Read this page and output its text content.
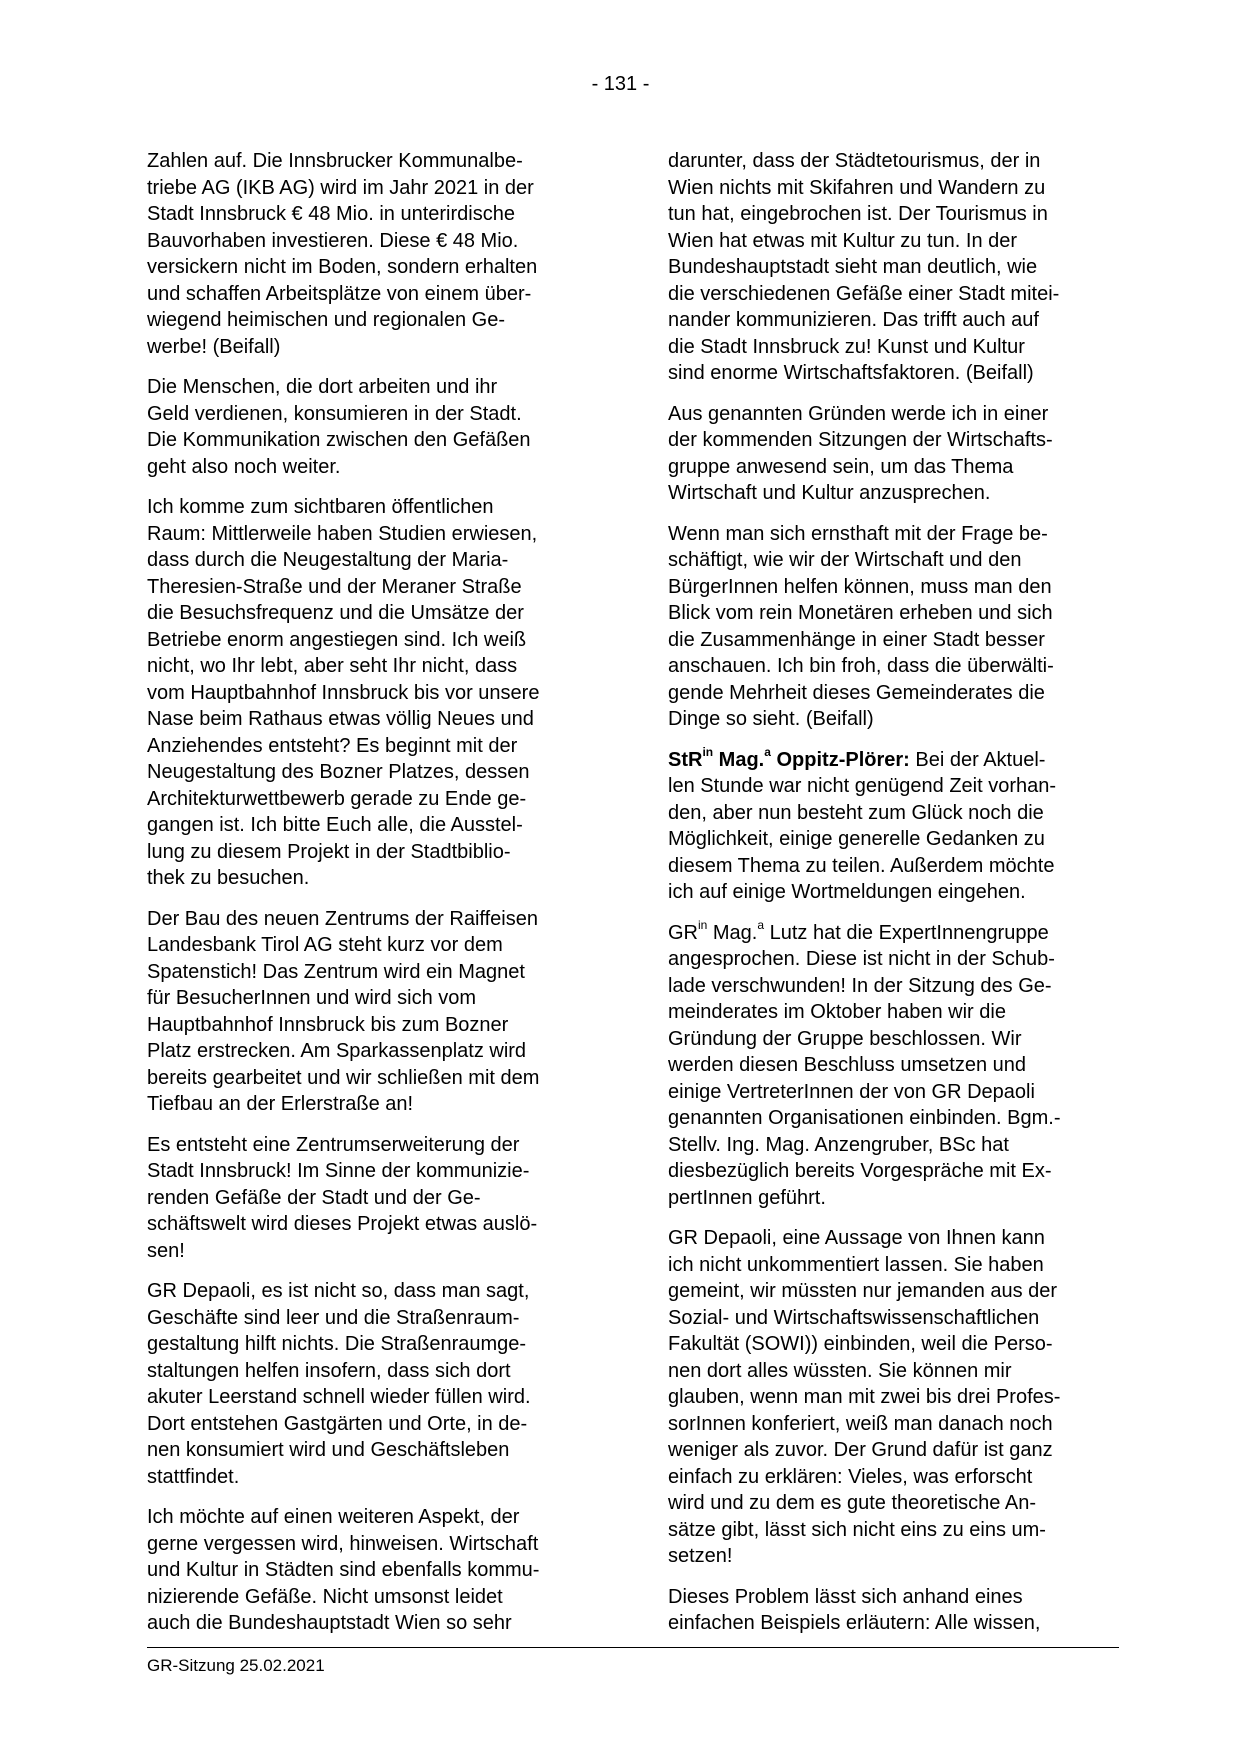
- 131 -

Zahlen auf. Die Innsbrucker Kommunalbe-
triebe AG (IKB AG) wird im Jahr 2021 in der
Stadt Innsbruck € 48 Mio. in unterirdische
Bauvorhaben investieren. Diese € 48 Mio.
versickern nicht im Boden, sondern erhalten
und schaffen Arbeitsplätze von einem über-
wiegend heimischen und regionalen Ge-
werbe! (Beifall)

Die Menschen, die dort arbeiten und ihr
Geld verdienen, konsumieren in der Stadt.
Die Kommunikation zwischen den Gefäßen
geht also noch weiter.

Ich komme zum sichtbaren öffentlichen
Raum: Mittlerweile haben Studien erwiesen,
dass durch die Neugestaltung der Maria-
Theresien-Straße und der Meraner Straße
die Besuchsfrequenz und die Umsätze der
Betriebe enorm angestiegen sind. Ich weiß
nicht, wo Ihr lebt, aber seht Ihr nicht, dass
vom Hauptbahnhof Innsbruck bis vor unsere
Nase beim Rathaus etwas völlig Neues und
Anziehendes entsteht? Es beginnt mit der
Neugestaltung des Bozner Platzes, dessen
Architekturwettbewerb gerade zu Ende ge-
gangen ist. Ich bitte Euch alle, die Ausstel-
lung zu diesem Projekt in der Stadtbiblio-
thek zu besuchen.

Der Bau des neuen Zentrums der Raiffeisen
Landesbank Tirol AG steht kurz vor dem
Spatenstich! Das Zentrum wird ein Magnet
für BesucherInnen und wird sich vom
Hauptbahnhof Innsbruck bis zum Bozner
Platz erstrecken. Am Sparkassenplatz wird
bereits gearbeitet und wir schließen mit dem
Tiefbau an der Erlerstraße an!

Es entsteht eine Zentrumserweiterung der
Stadt Innsbruck! Im Sinne der kommunizie-
renden Gefäße der Stadt und der Ge-
schäftswelt wird dieses Projekt etwas auslö-
sen!

GR Depaoli, es ist nicht so, dass man sagt,
Geschäfte sind leer und die Straßenraum-
gestaltung hilft nichts. Die Straßenraumge-
staltungen helfen insofern, dass sich dort
akuter Leerstand schnell wieder füllen wird.
Dort entstehen Gastgärten und Orte, in de-
nen konsumiert wird und Geschäftsleben
stattfindet.

Ich möchte auf einen weiteren Aspekt, der
gerne vergessen wird, hinweisen. Wirtschaft
und Kultur in Städten sind ebenfalls kommu-
nizierende Gefäße. Nicht umsonst leidet
auch die Bundeshauptstadt Wien so sehr

darunter, dass der Städtetourismus, der in
Wien nichts mit Skifahren und Wandern zu
tun hat, eingebrochen ist. Der Tourismus in
Wien hat etwas mit Kultur zu tun. In der
Bundeshauptstadt sieht man deutlich, wie
die verschiedenen Gefäße einer Stadt mitei-
nander kommunizieren. Das trifft auch auf
die Stadt Innsbruck zu! Kunst und Kultur
sind enorme Wirtschaftsfaktoren. (Beifall)

Aus genannten Gründen werde ich in einer
der kommenden Sitzungen der Wirtschafts-
gruppe anwesend sein, um das Thema
Wirtschaft und Kultur anzusprechen.

Wenn man sich ernsthaft mit der Frage be-
schäftigt, wie wir der Wirtschaft und den
BürgerInnen helfen können, muss man den
Blick vom rein Monetären erheben und sich
die Zusammenhänge in einer Stadt besser
anschauen. Ich bin froh, dass die überwälti-
gende Mehrheit dieses Gemeinderates die
Dinge so sieht. (Beifall)

StR$^{in}$ Mag.$^a$ Oppitz-Plörer: Bei der Aktuel-
len Stunde war nicht genügend Zeit vorhan-
den, aber nun besteht zum Glück noch die
Möglichkeit, einige generelle Gedanken zu
diesem Thema zu teilen. Außerdem möchte
ich auf einige Wortmeldungen eingehen.

$GR^{in}$ Mag.$^a$ Lutz hat die ExpertInnengruppe
angesprochen. Diese ist nicht in der Schub-
lade verschwunden! In der Sitzung des Ge-
meinderates im Oktober haben wir die
Gründung der Gruppe beschlossen. Wir
werden diesen Beschluss umsetzen und
einige VertreterInnen der von GR Depaoli
genannten Organisationen einbinden. Bgm.-
Stellv. Ing. Mag. Anzengruber, BSc hat
diesbezüglich bereits Vorgespräche mit Ex-
pertInnen geführt.

GR Depaoli, eine Aussage von Ihnen kann
ich nicht unkommentiert lassen. Sie haben
gemeint, wir müssten nur jemanden aus der
Sozial- und Wirtschaftswissenschaftlichen
Fakultät (SOWI)) einbinden, weil die Perso-
nen dort alles wüssten. Sie können mir
glauben, wenn man mit zwei bis drei Profes-
sorInnen konferiert, weiß man danach noch
weniger als zuvor. Der Grund dafür ist ganz
einfach zu erklären: Vieles, was erforscht
wird und zu dem es gute theoretische An-
sätze gibt, lässt sich nicht eins zu eins um-
setzen!

Dieses Problem lässt sich anhand eines
einfachen Beispiels erläutern: Alle wissen,

GR-Sitzung 25.02.2021
